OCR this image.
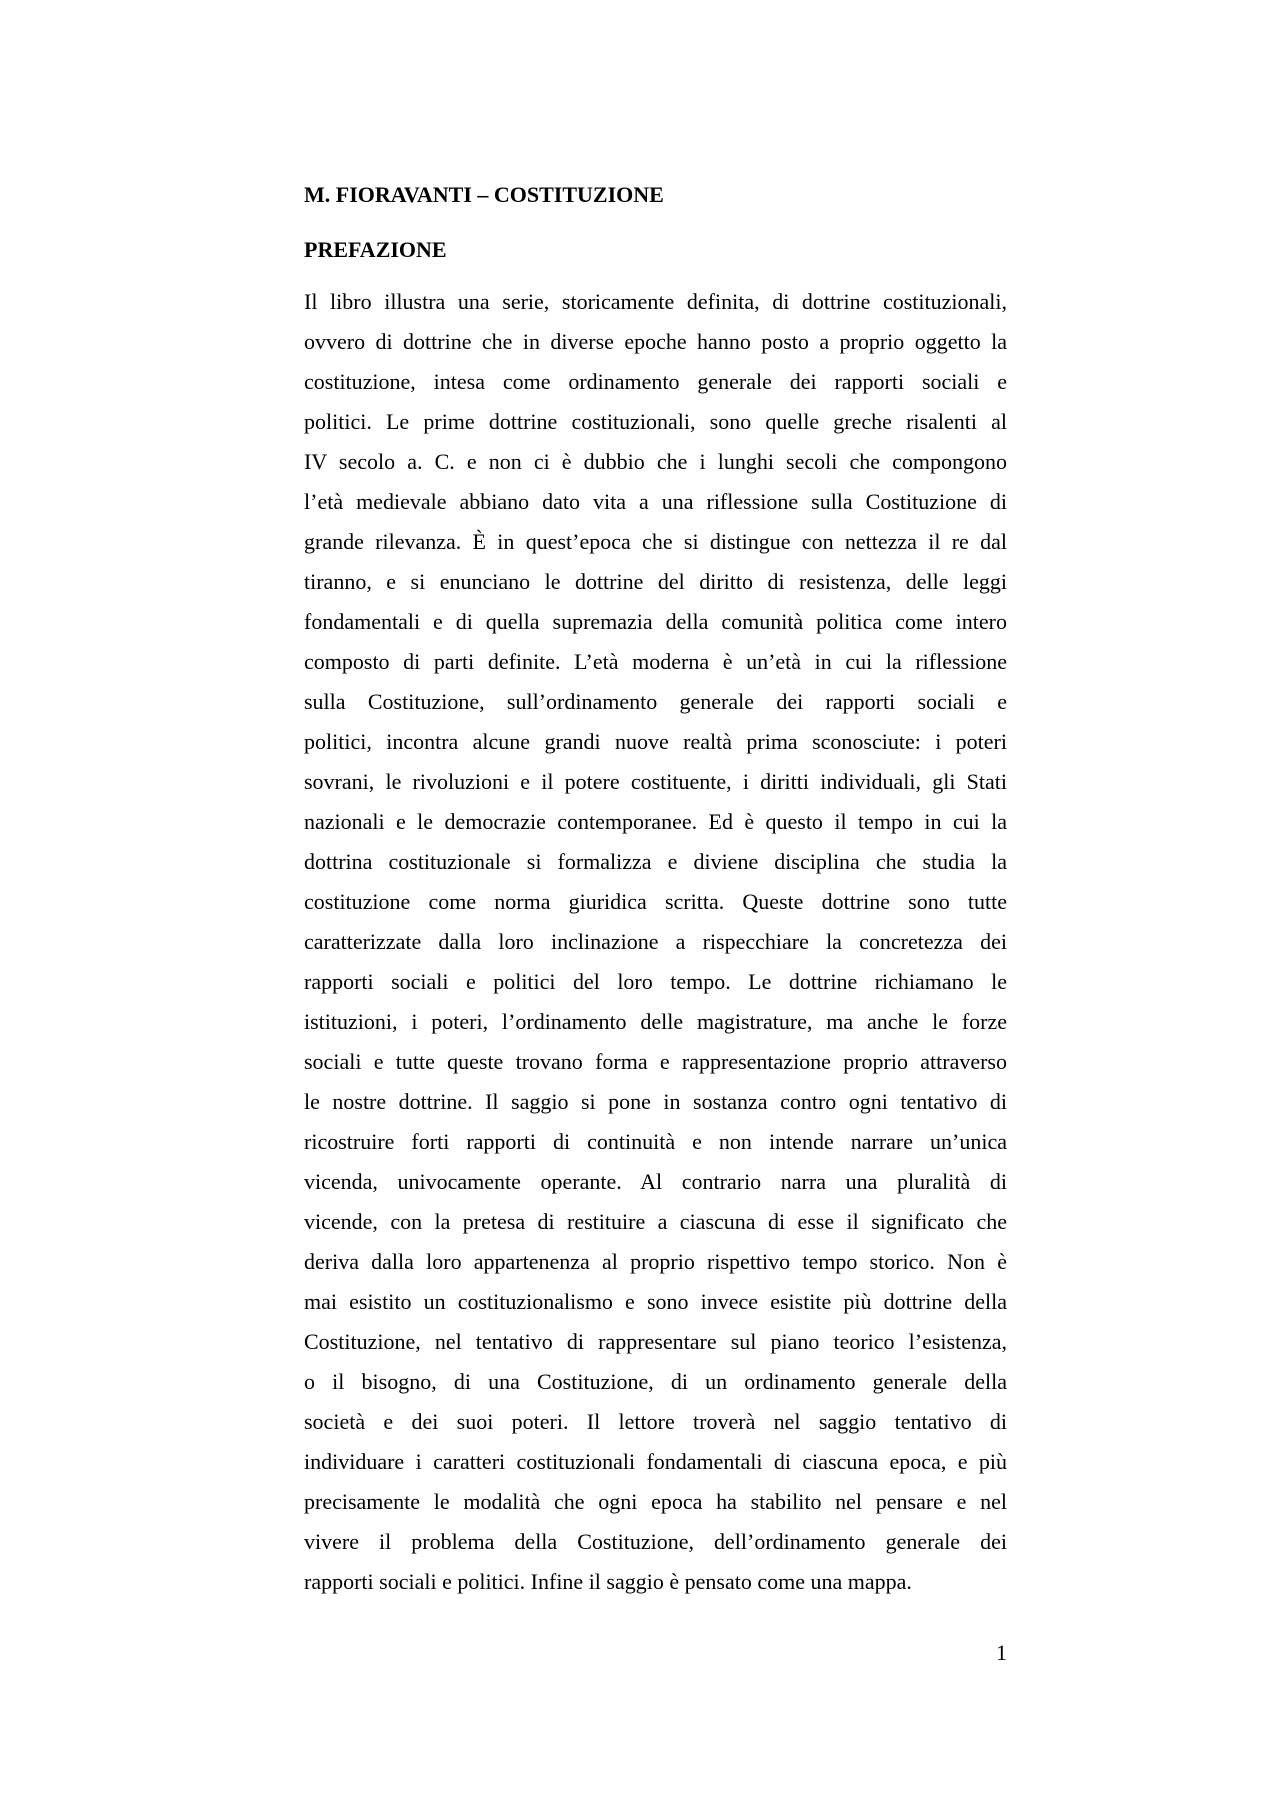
M. FIORAVANTI – COSTITUZIONE
PREFAZIONE

Il libro illustra una serie, storicamente definita, di dottrine costituzionali,
ovvero di dottrine che in diverse epoche hanno posto a proprio oggetto la
costituzione, intesa come ordinamento generale dei rapporti sociali e
politici. Le prime dottrine costituzionali, sono quelle greche risalenti al
IV secolo a. C. e non ci è dubbio che i lunghi secoli che compongono
l’età medievale abbiano dato vita a una riflessione sulla Costituzione di
grande rilevanza. È in quest’epoca che si distingue con nettezza il re dal
tiranno, e si enunciano le dottrine del diritto di resistenza, delle leggi
fondamentali e di quella supremazia della comunità politica come intero
composto di parti definite. L’età moderna è un’età in cui la riflessione
sulla Costituzione, sull’ordinamento generale dei rapporti sociali e
politici, incontra alcune grandi nuove realtà prima sconosciute: i poteri
sovrani, le rivoluzioni e il potere costituente, i diritti individuali, gli Stati
nazionali e le democrazie contemporanee. Ed è questo il tempo in cui la
dottrina costituzionale si formalizza e diviene disciplina che studia la
costituzione come norma giuridica scritta. Queste dottrine sono tutte
caratterizzate dalla loro inclinazione a rispecchiare la concretezza dei
rapporti sociali e politici del loro tempo. Le dottrine richiamano le
istituzioni, i poteri, l’ordinamento delle magistrature, ma anche le forze
sociali e tutte queste trovano forma e rappresentazione proprio attraverso
le nostre dottrine. Il saggio si pone in sostanza contro ogni tentativo di
ricostruire forti rapporti di continuità e non intende narrare un’unica
vicenda, univocamente operante. Al contrario narra una pluralità di
vicende, con la pretesa di restituire a ciascuna di esse il significato che
deriva dalla loro appartenenza al proprio rispettivo tempo storico. Non è
mai esistito un costituzionalismo e sono invece esistite più dottrine della
Costituzione, nel tentativo di rappresentare sul piano teorico l’esistenza,
o il bisogno, di una Costituzione, di un ordinamento generale della
società e dei suoi poteri. Il lettore troverà nel saggio tentativo di
individuare i caratteri costituzionali fondamentali di ciascuna epoca, e più
precisamente le modalità che ogni epoca ha stabilito nel pensare e nel
vivere il problema della Costituzione, dell’ordinamento generale dei
rapporti sociali e politici. Infine il saggio è pensato come una mappa.

1
